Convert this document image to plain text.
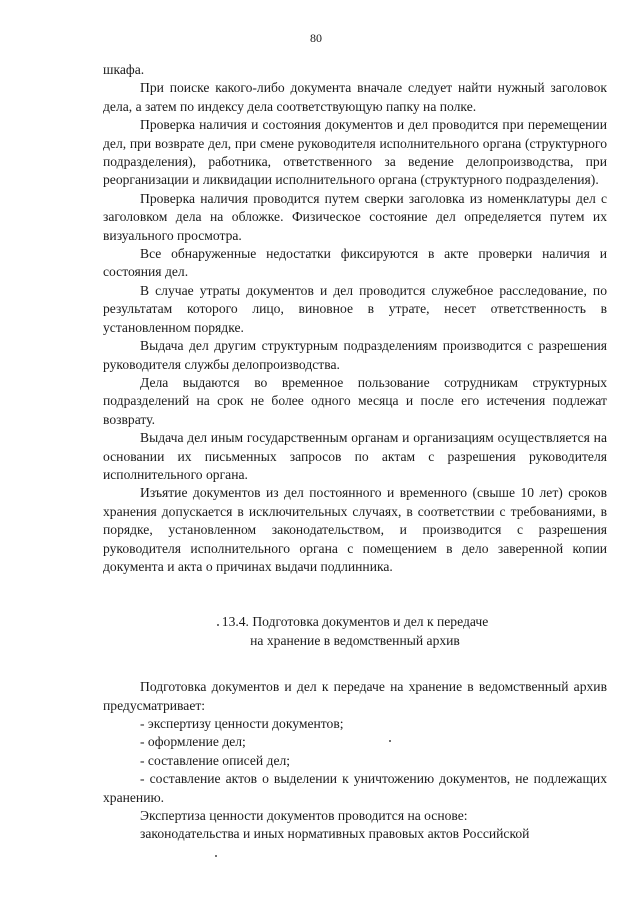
80

шкафа.

При поиске какого-либо документа вначале следует найти нужный заголовок дела, а затем по индексу дела соответствующую папку на полке.

Проверка наличия и состояния документов и дел проводится при перемещении дел, при возврате дел, при смене руководителя исполнительного органа (структурного подразделения), работника, ответственного за ведение делопроизводства, при реорганизации и ликвидации исполнительного органа (структурного подразделения).

Проверка наличия проводится путем сверки заголовка из номенклатуры дел с заголовком дела на обложке. Физическое состояние дел определяется путем их визуального просмотра.

Все обнаруженные недостатки фиксируются в акте проверки наличия и состояния дел.

В случае утраты документов и дел проводится служебное расследование, по результатам которого лицо, виновное в утрате, несет ответственность в установленном порядке.

Выдача дел другим структурным подразделениям производится с разрешения руководителя службы делопроизводства.

Дела выдаются во временное пользование сотрудникам структурных подразделений на срок не более одного месяца и после его истечения подлежат возврату.

Выдача дел иным государственным органам и организациям осуществляется на основании их письменных запросов по актам с разрешения руководителя исполнительного органа.

Изъятие документов из дел постоянного и временного (свыше 10 лет) сроков хранения допускается в исключительных случаях, в соответствии с требованиями, в порядке, установленном законодательством, и производится с разрешения руководителя исполнительного органа с помещением в дело заверенной копии документа и акта о причинах выдачи подлинника.

13.4. Подготовка документов и дел к передаче
на хранение в ведомственный архив

Подготовка документов и дел к передаче на хранение в ведомственный архив предусматривает:

- экспертизу ценности документов;
- оформление дел;
- составление описей дел;
- составление актов о выделении к уничтожению документов, не подлежащих хранению.

Экспертиза ценности документов проводится на основе:

законодательства и иных нормативных правовых актов Российской
